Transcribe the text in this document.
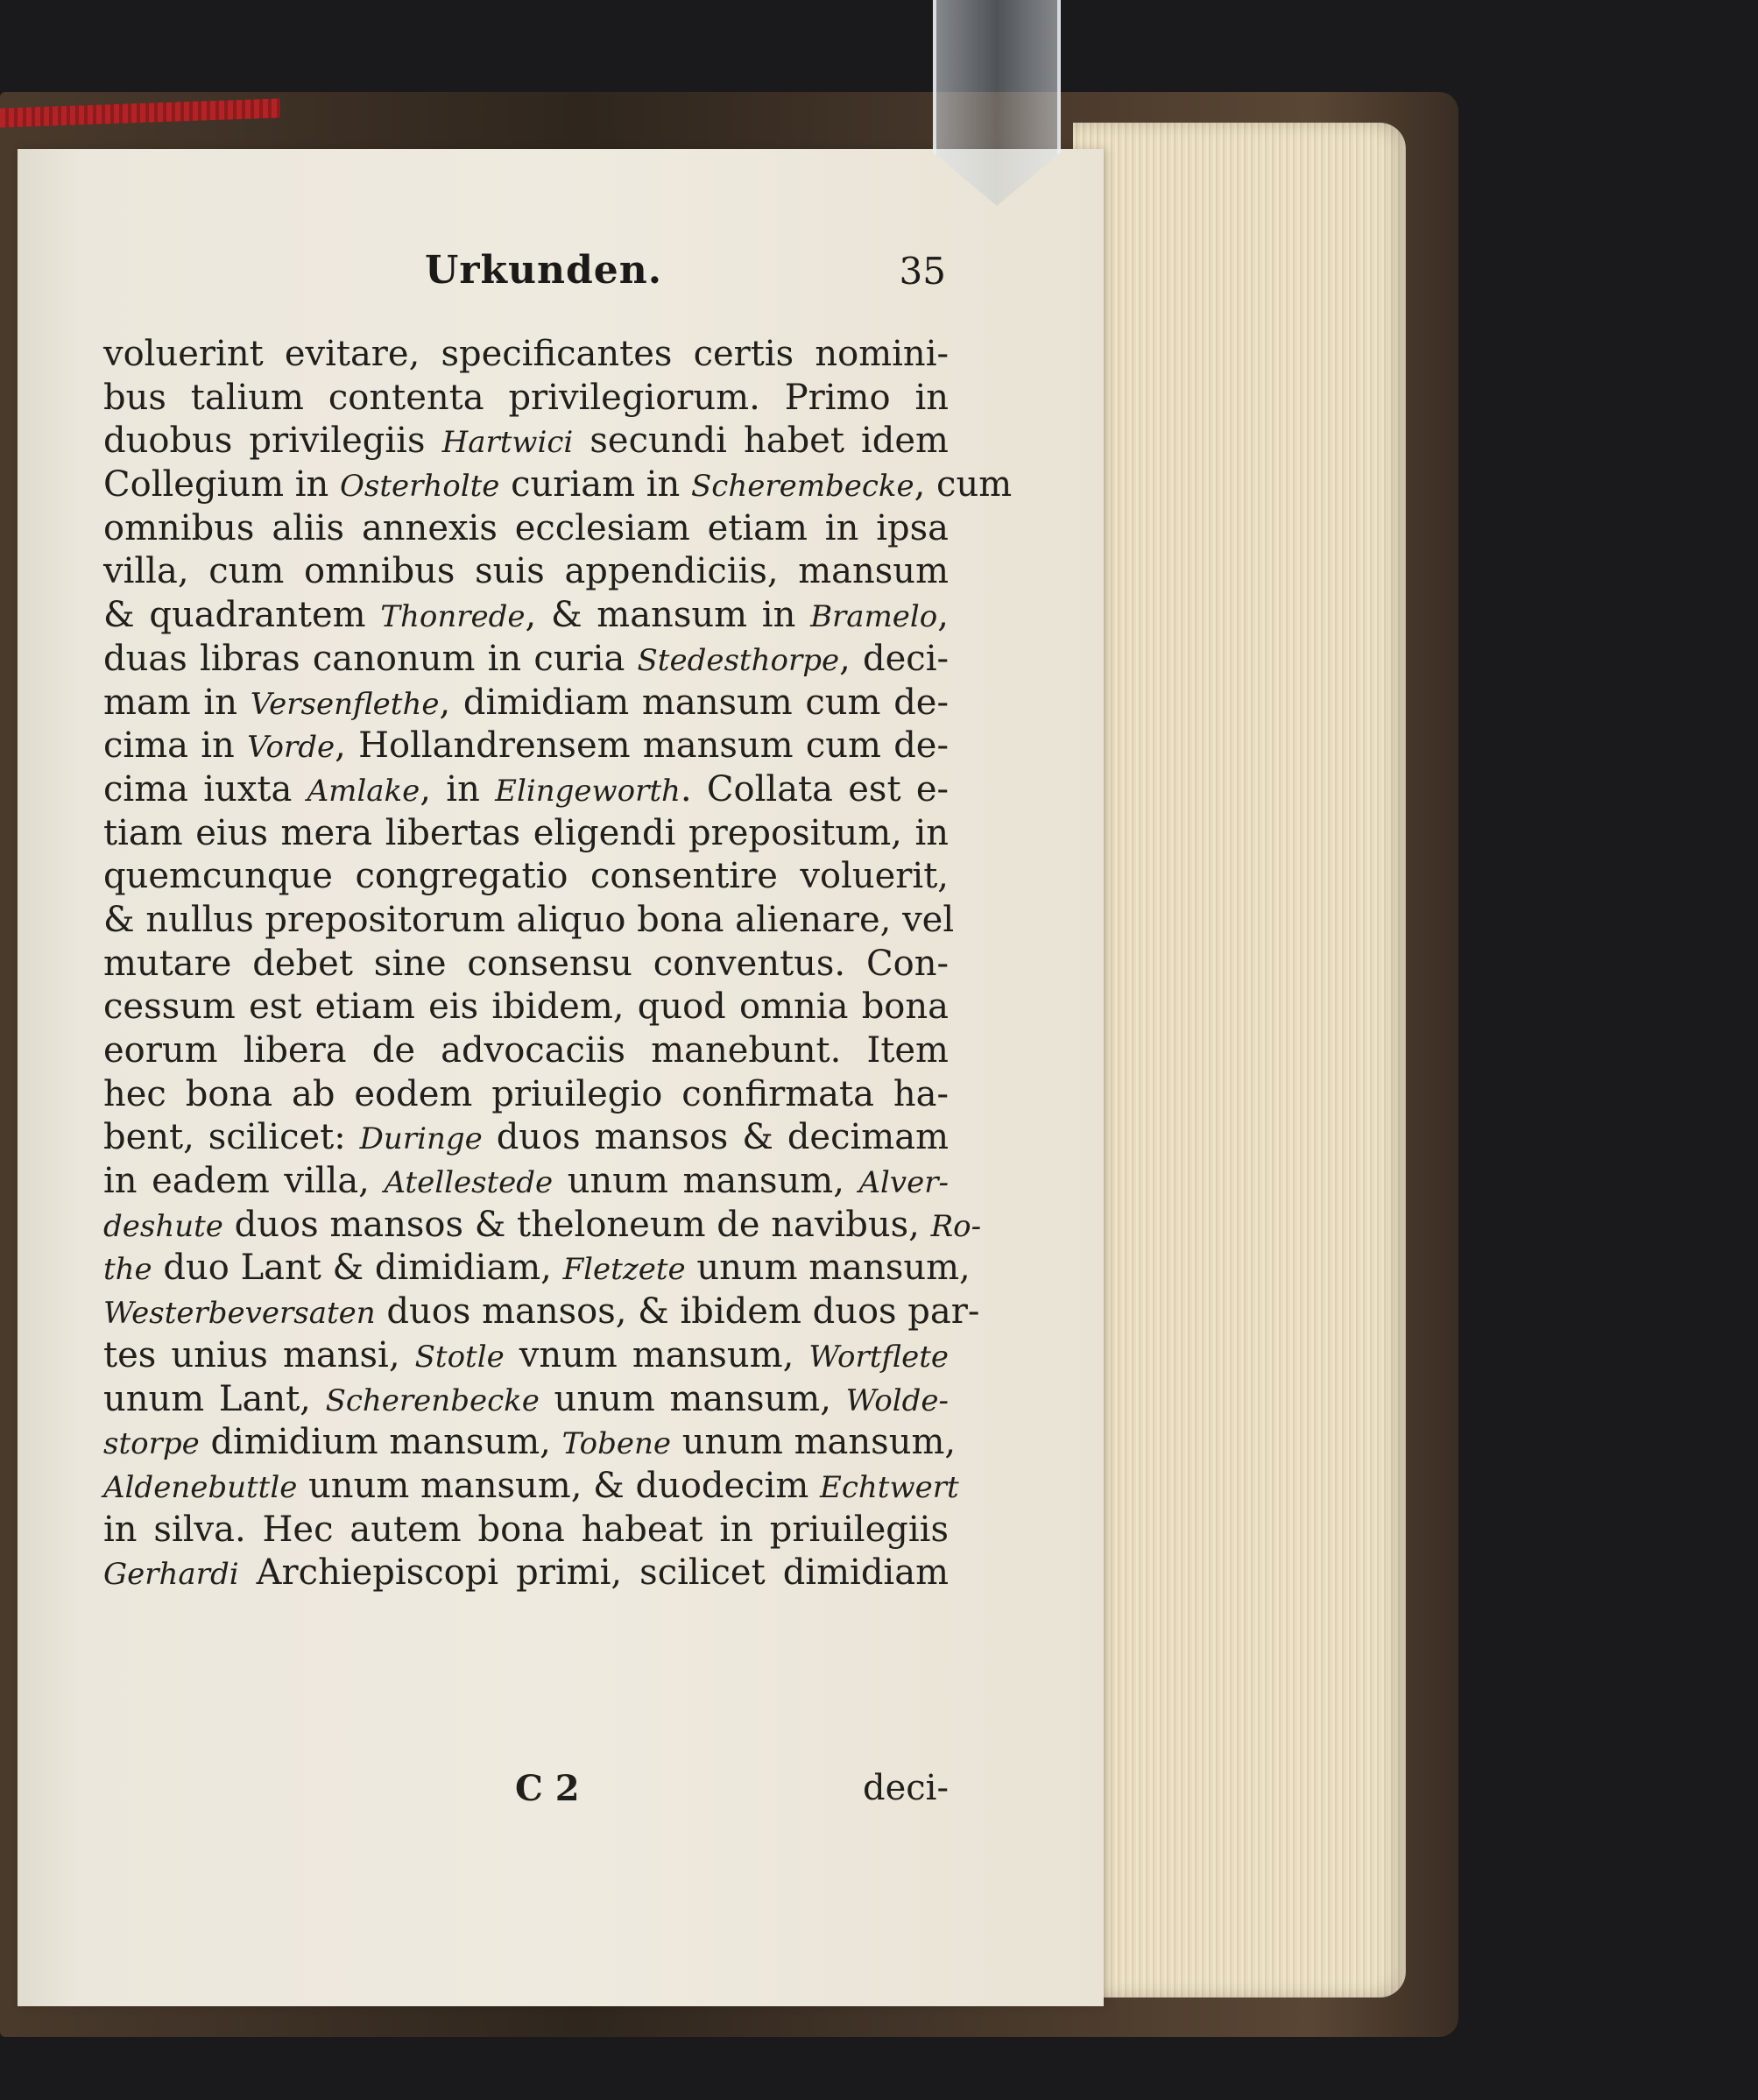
Urkunden.	35
voluerint evitare, specificantes certis nomini-
bus talium contenta privilegiorum. Primo in
duobus privilegiis Hartwici secundi habet idem
Collegium in Osterholte curiam in Scherembecke, cum
omnibus aliis annexis ecclesiam etiam in ipsa
villa, cum omnibus suis appendiciis, mansum
& quadrantem Thonrede, & mansum in Bramelo,
duas libras canonum in curia Stedesthorpe, deci-
mam in Versenflethe, dimidiam mansum cum de-
cima in Vorde, Hollandrensem mansum cum de-
cima iuxta Amlake, in Elingeworth. Collata est e-
tiam eius mera libertas eligendi prepositum, in
quemcunque congregatio consentire voluerit,
& nullus prepositorum aliquo bona alienare, vel
mutare debet sine consensu conventus. Con-
cessum est etiam eis ibidem, quod omnia bona
eorum libera de advocaciis manebunt. Item
hec bona ab eodem priuilegio confirmata ha-
bent, scilicet: Duringe duos mansos & decimam
in eadem villa, Atellestede unum mansum, Alver-
deshute duos mansos & theloneum de navibus, Ro-
the duo Lant & dimidiam, Fletzete unum mansum,
Westerbeversaten duos mansos, & ibidem duos par-
tes unius mansi, Stotle vnum mansum, Wortflete
unum Lant, Scherenbecke unum mansum, Wolde-
storpe dimidium mansum, Tobene unum mansum,
Aldenebuttle unum mansum, & duodecim Echtwert
in silva. Hec autem bona habeat in priuilegiis
Gerhardi Archiepiscopi primi, scilicet dimidiam
C 2	deci-
